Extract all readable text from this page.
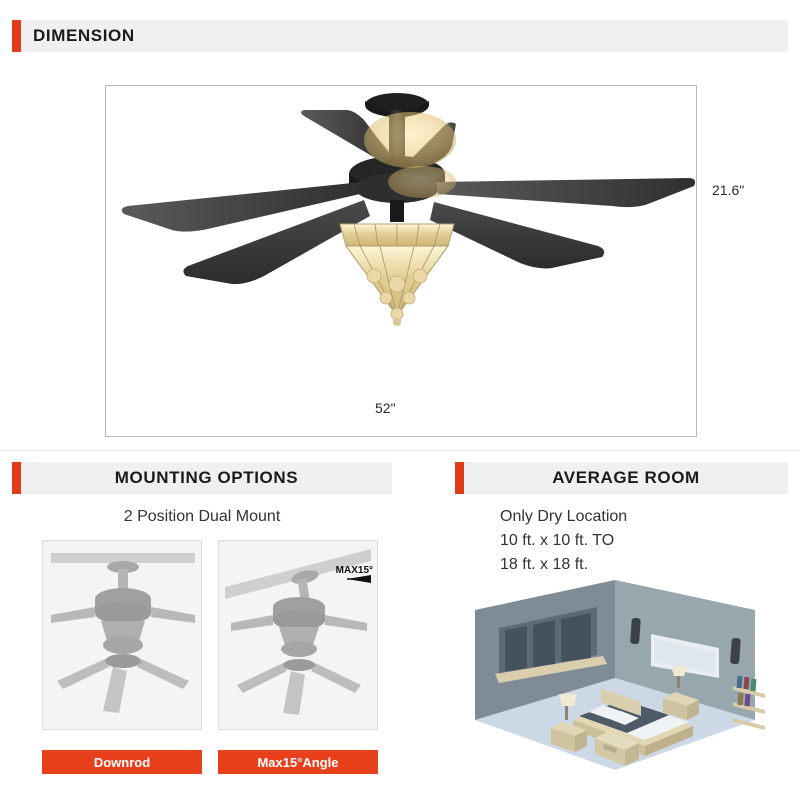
DIMENSION
21.6"
52"
MOUNTING OPTIONS
2 Position Dual Mount
MAX15°
Downrod	Max15°Angle
AVERAGE ROOM
Only Dry Location
10 ft. x 10 ft. TO
18 ft. x 18 ft.
